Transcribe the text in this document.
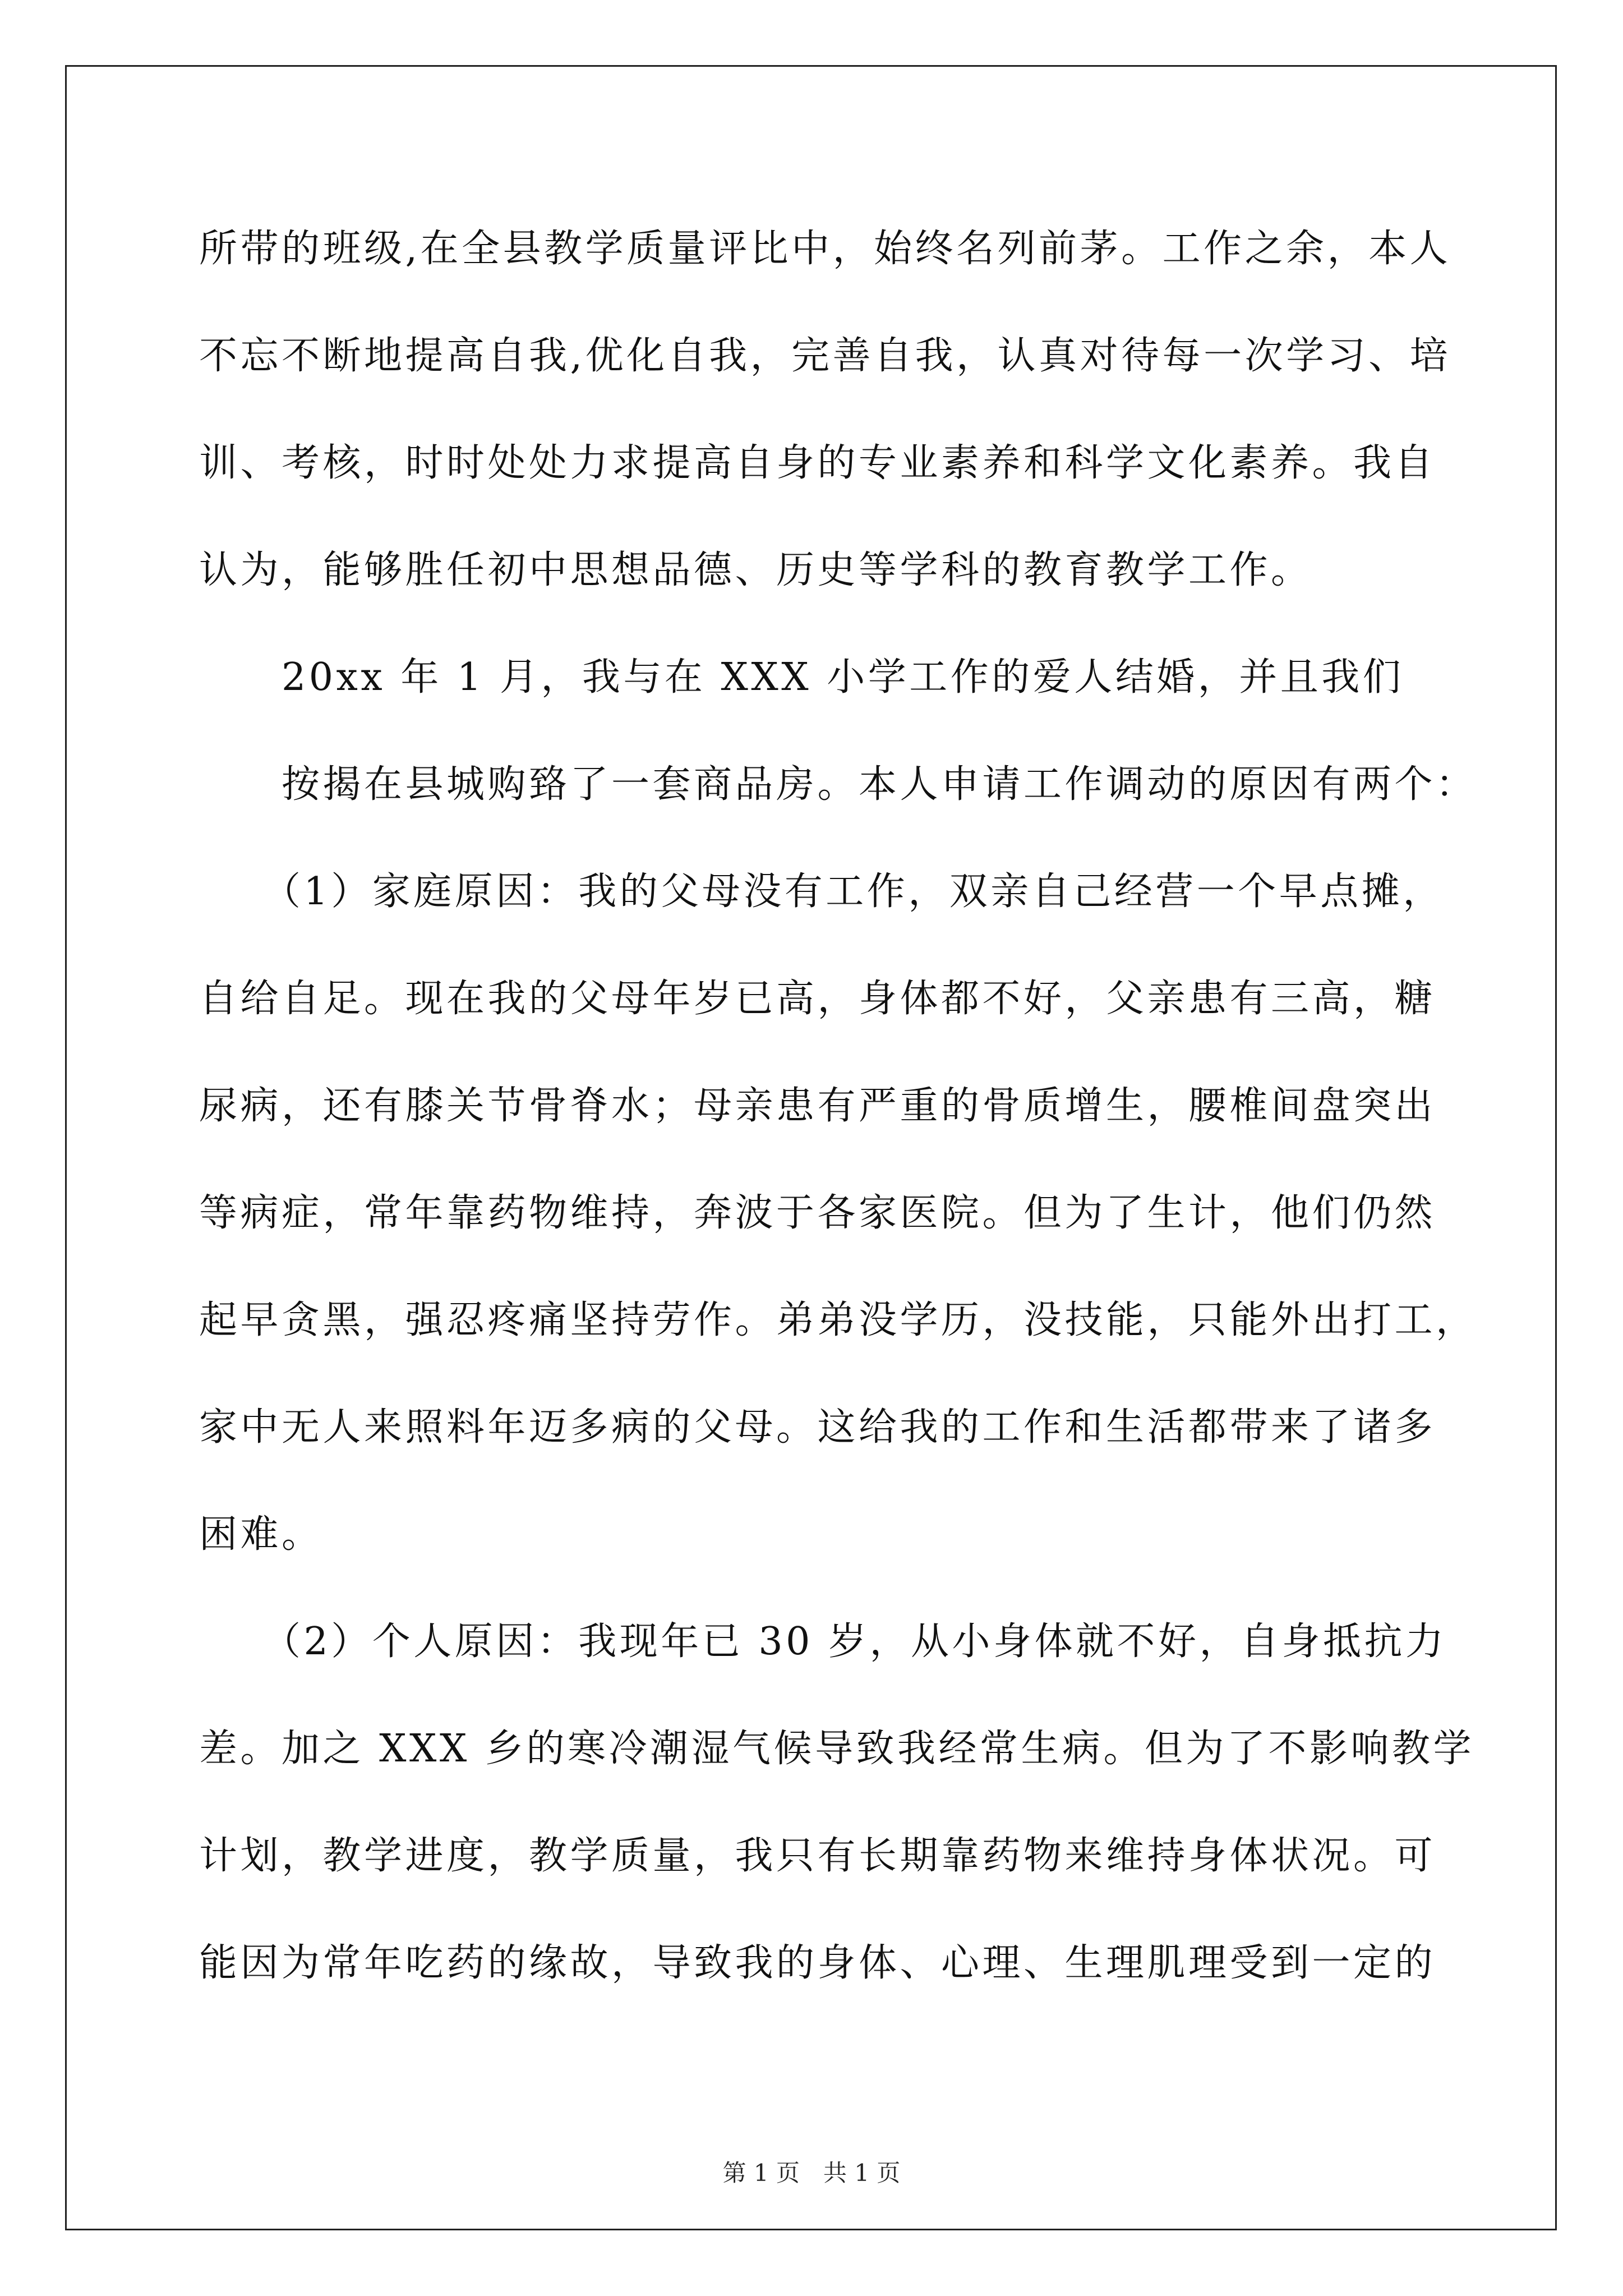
所带的班级,在全县教学质量评比中，始终名列前茅。工作之余，本人
不忘不断地提高自我,优化自我，完善自我，认真对待每一次学习、培
训、考核，时时处处力求提高自身的专业素养和科学文化素养。我自
认为，能够胜任初中思想品德、历史等学科的教育教学工作。
　　20xx 年 1 月，我与在 XXX 小学工作的爱人结婚，并且我们
　　按揭在县城购臵了一套商品房。本人申请工作调动的原因有两个：
　　（1）家庭原因：我的父母没有工作，双亲自己经营一个早点摊，
自给自足。现在我的父母年岁已高，身体都不好，父亲患有三高，糖
尿病，还有膝关节骨脊水；母亲患有严重的骨质增生，腰椎间盘突出
等病症，常年靠药物维持，奔波于各家医院。但为了生计，他们仍然
起早贪黑，强忍疼痛坚持劳作。弟弟没学历，没技能，只能外出打工，
家中无人来照料年迈多病的父母。这给我的工作和生活都带来了诸多
困难。
　　（2）个人原因：我现年已 30 岁，从小身体就不好，自身抵抗力
差。加之 XXX 乡的寒冷潮湿气候导致我经常生病。但为了不影响教学
计划，教学进度，教学质量，我只有长期靠药物来维持身体状况。可
能因为常年吃药的缘故，导致我的身体、心理、生理肌理受到一定的
第 1 页　共 1 页
